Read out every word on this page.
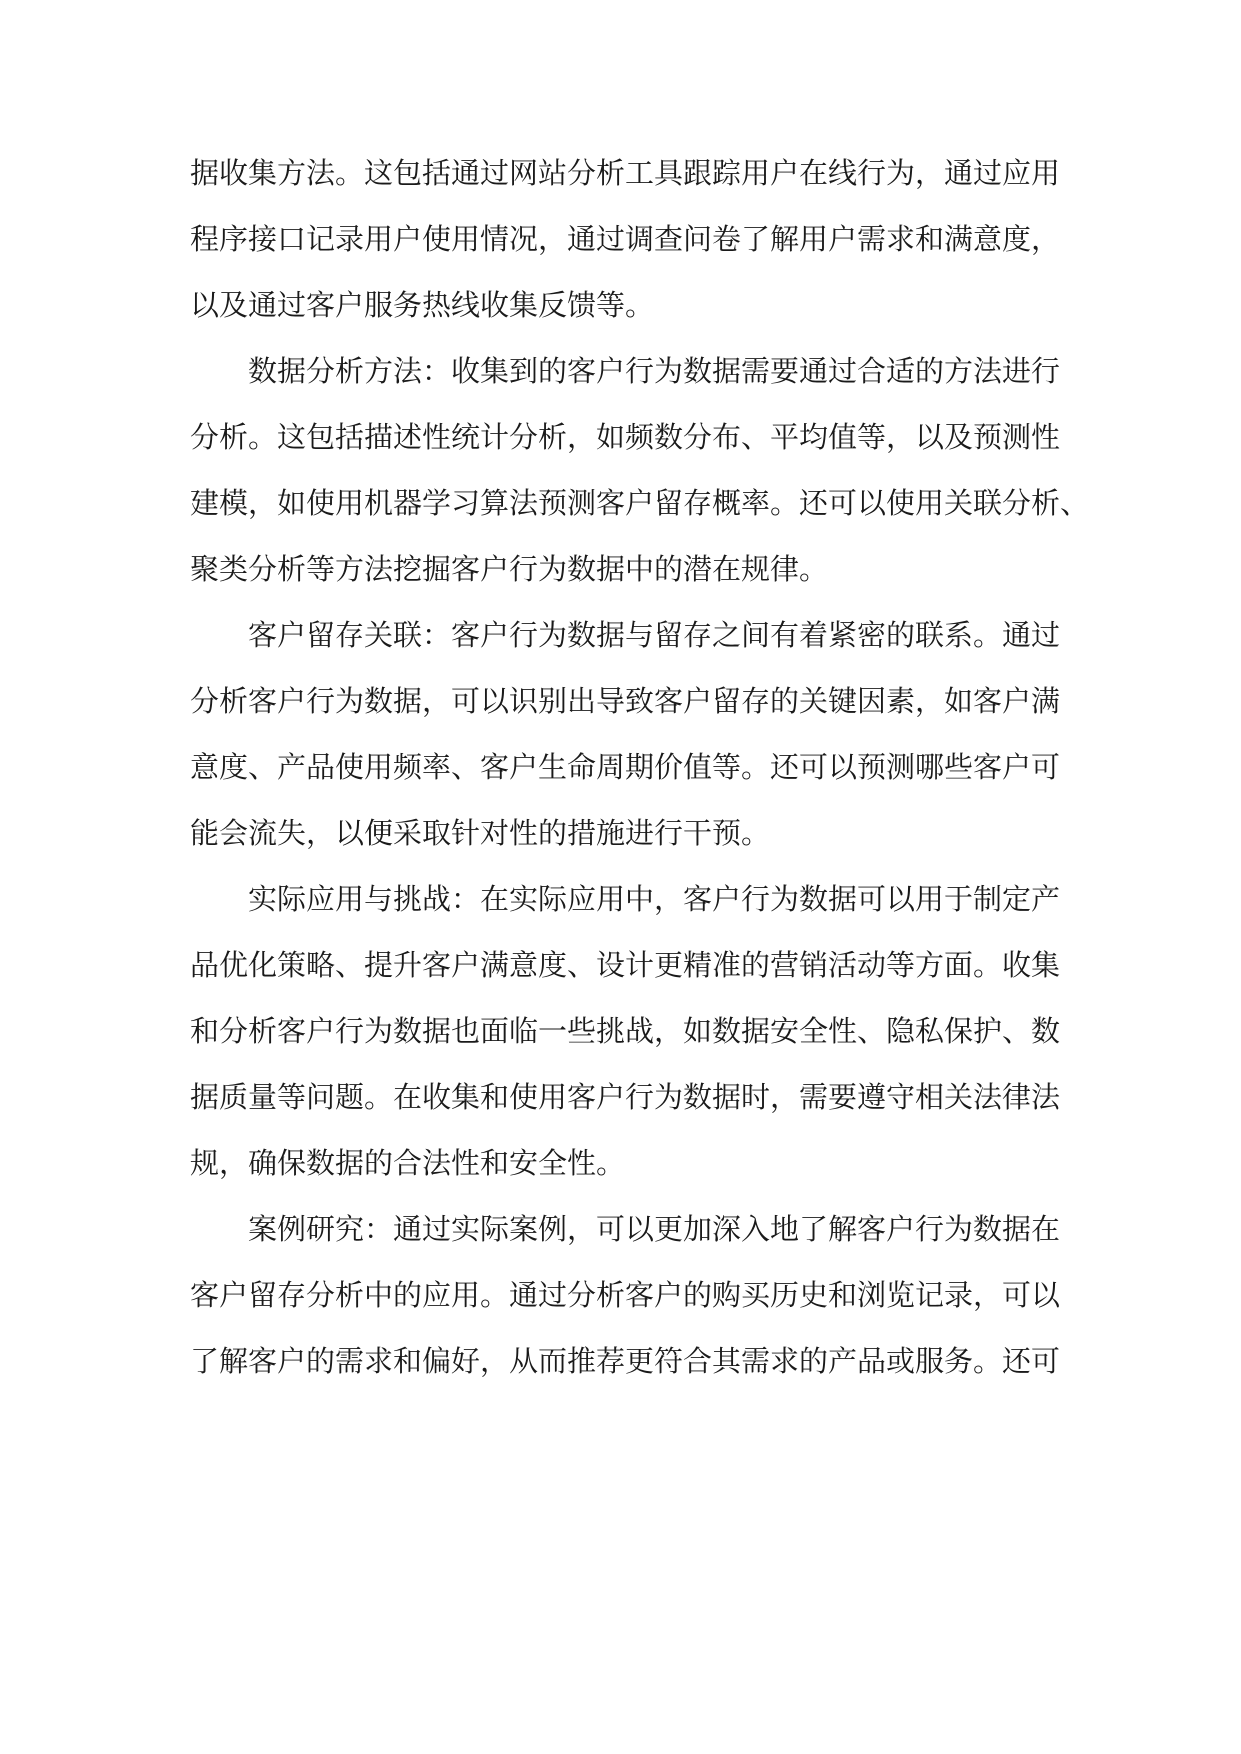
据收集方法。这包括通过网站分析工具跟踪用户在线行为，通过应用
程序接口记录用户使用情况，通过调查问卷了解用户需求和满意度，
以及通过客户服务热线收集反馈等。
数据分析方法：收集到的客户行为数据需要通过合适的方法进行
分析。这包括描述性统计分析，如频数分布、平均值等，以及预测性
建模，如使用机器学习算法预测客户留存概率。还可以使用关联分析、
聚类分析等方法挖掘客户行为数据中的潜在规律。
客户留存关联：客户行为数据与留存之间有着紧密的联系。通过
分析客户行为数据，可以识别出导致客户留存的关键因素，如客户满
意度、产品使用频率、客户生命周期价值等。还可以预测哪些客户可
能会流失，以便采取针对性的措施进行干预。
实际应用与挑战：在实际应用中，客户行为数据可以用于制定产
品优化策略、提升客户满意度、设计更精准的营销活动等方面。收集
和分析客户行为数据也面临一些挑战，如数据安全性、隐私保护、数
据质量等问题。在收集和使用客户行为数据时，需要遵守相关法律法
规，确保数据的合法性和安全性。
案例研究：通过实际案例，可以更加深入地了解客户行为数据在
客户留存分析中的应用。通过分析客户的购买历史和浏览记录，可以
了解客户的需求和偏好，从而推荐更符合其需求的产品或服务。还可
